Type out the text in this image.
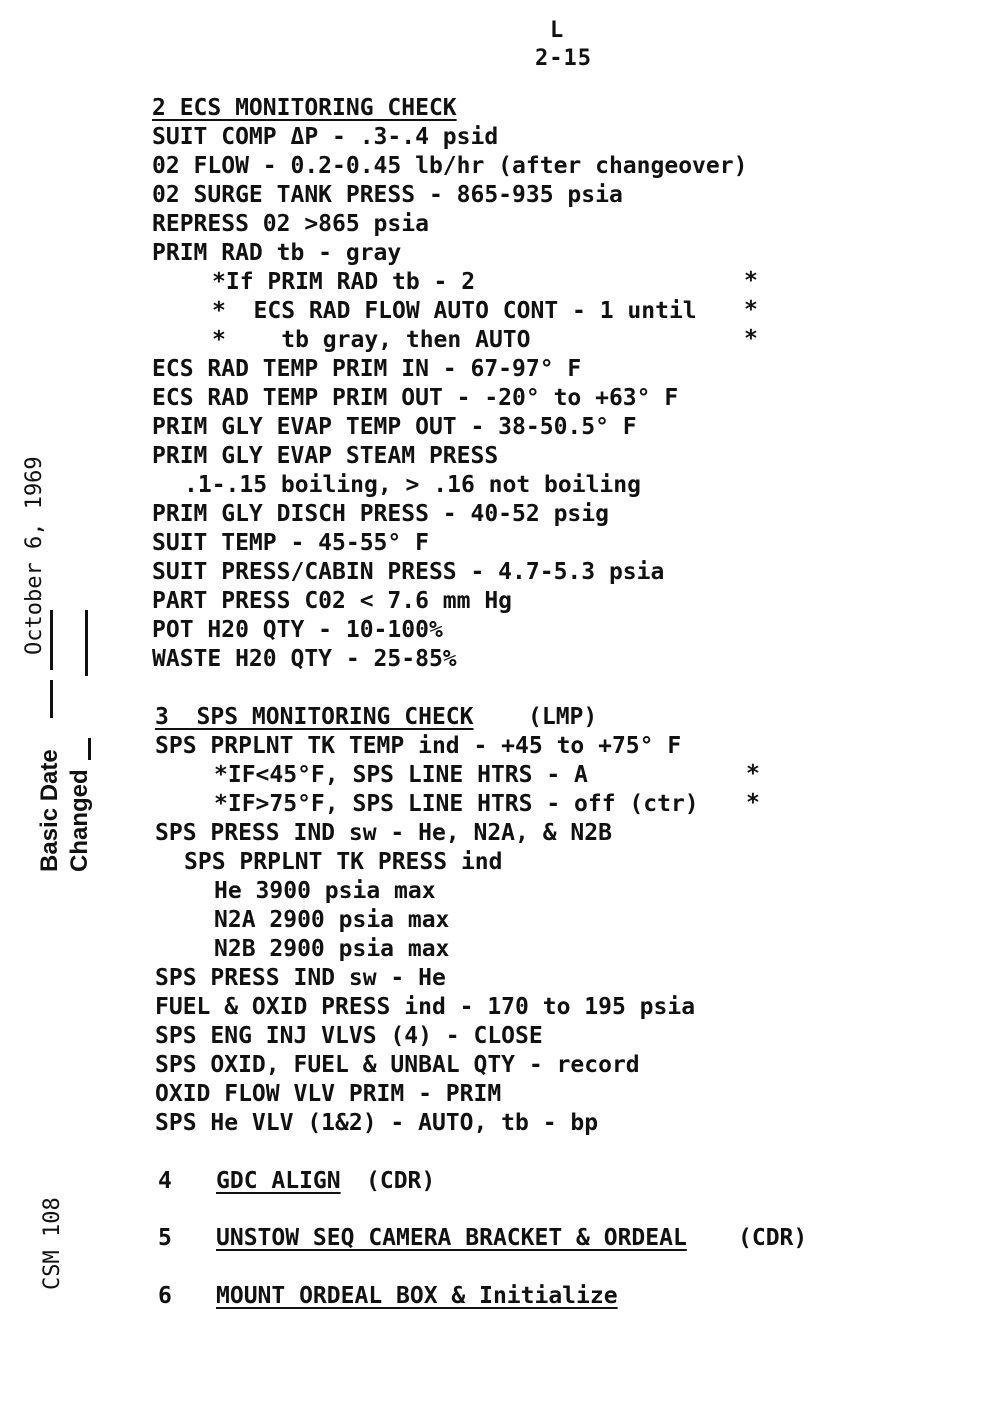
L
2-15
2 ECS MONITORING CHECK
SUIT COMP ΔP - .3-.4 psid
02 FLOW - 0.2-0.45 lb/hr (after changeover)
02 SURGE TANK PRESS - 865-935 psia
REPRESS 02 >865 psia
PRIM RAD tb - gray
*If PRIM RAD tb - 2
*  ECS RAD FLOW AUTO CONT - 1 until
*    tb gray, then AUTO
*
*
*
ECS RAD TEMP PRIM IN - 67-97° F
ECS RAD TEMP PRIM OUT - -20° to +63° F
PRIM GLY EVAP TEMP OUT - 38-50.5° F
PRIM GLY EVAP STEAM PRESS
.1-.15 boiling, > .16 not boiling
PRIM GLY DISCH PRESS - 40-52 psig
SUIT TEMP - 45-55° F
SUIT PRESS/CABIN PRESS - 4.7-5.3 psia
PART PRESS C02 < 7.6 mm Hg
POT H20 QTY - 10-100%
WASTE H20 QTY - 25-85%
3  SPS MONITORING CHECK (LMP)
SPS PRPLNT TK TEMP ind - +45 to +75° F
*IF<45°F, SPS LINE HTRS - A	*
*IF>75°F, SPS LINE HTRS - off (ctr) *
SPS PRESS IND sw - He, N2A, & N2B
SPS PRPLNT TK PRESS ind
He 3900 psia max
N2A 2900 psia max
N2B 2900 psia max
SPS PRESS IND sw - He
FUEL & OXID PRESS ind - 170 to 195 psia
SPS ENG INJ VLVS (4) - CLOSE
SPS OXID, FUEL & UNBAL QTY - record
OXID FLOW VLV PRIM - PRIM
SPS He VLV (1&2) - AUTO, tb - bp
4 GDC ALIGN (CDR)
5 UNSTOW SEQ CAMERA BRACKET & ORDEAL (CDR)
6 MOUNT ORDEAL BOX & Initialize
Basic Date Changed
October 6, 1969
CSM 108
